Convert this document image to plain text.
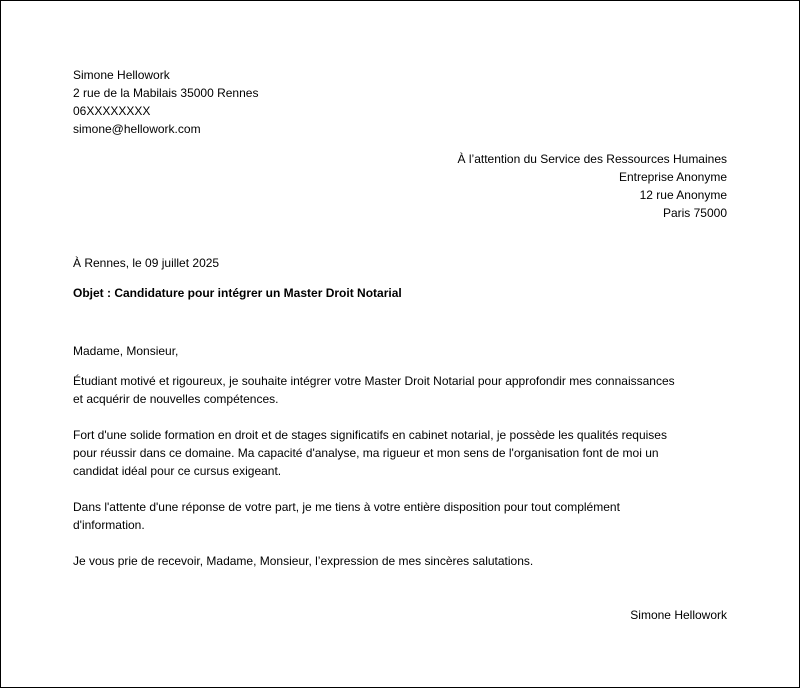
Simone Hellowork
2 rue de la Mabilais 35000 Rennes
06XXXXXXXX
simone@hellowork.com
À l’attention du Service des Ressources Humaines
Entreprise Anonyme
12 rue Anonyme
Paris 75000
À Rennes, le 09 juillet 2025
Objet : Candidature pour intégrer un Master Droit Notarial
Madame, Monsieur,
Étudiant motivé et rigoureux, je souhaite intégrer votre Master Droit Notarial pour approfondir mes connaissances
et acquérir de nouvelles compétences.
Fort d'une solide formation en droit et de stages significatifs en cabinet notarial, je possède les qualités requises
pour réussir dans ce domaine. Ma capacité d'analyse, ma rigueur et mon sens de l'organisation font de moi un
candidat idéal pour ce cursus exigeant.
Dans l'attente d'une réponse de votre part, je me tiens à votre entière disposition pour tout complément
d'information.
Je vous prie de recevoir, Madame, Monsieur, l’expression de mes sincères salutations.
Simone Hellowork
